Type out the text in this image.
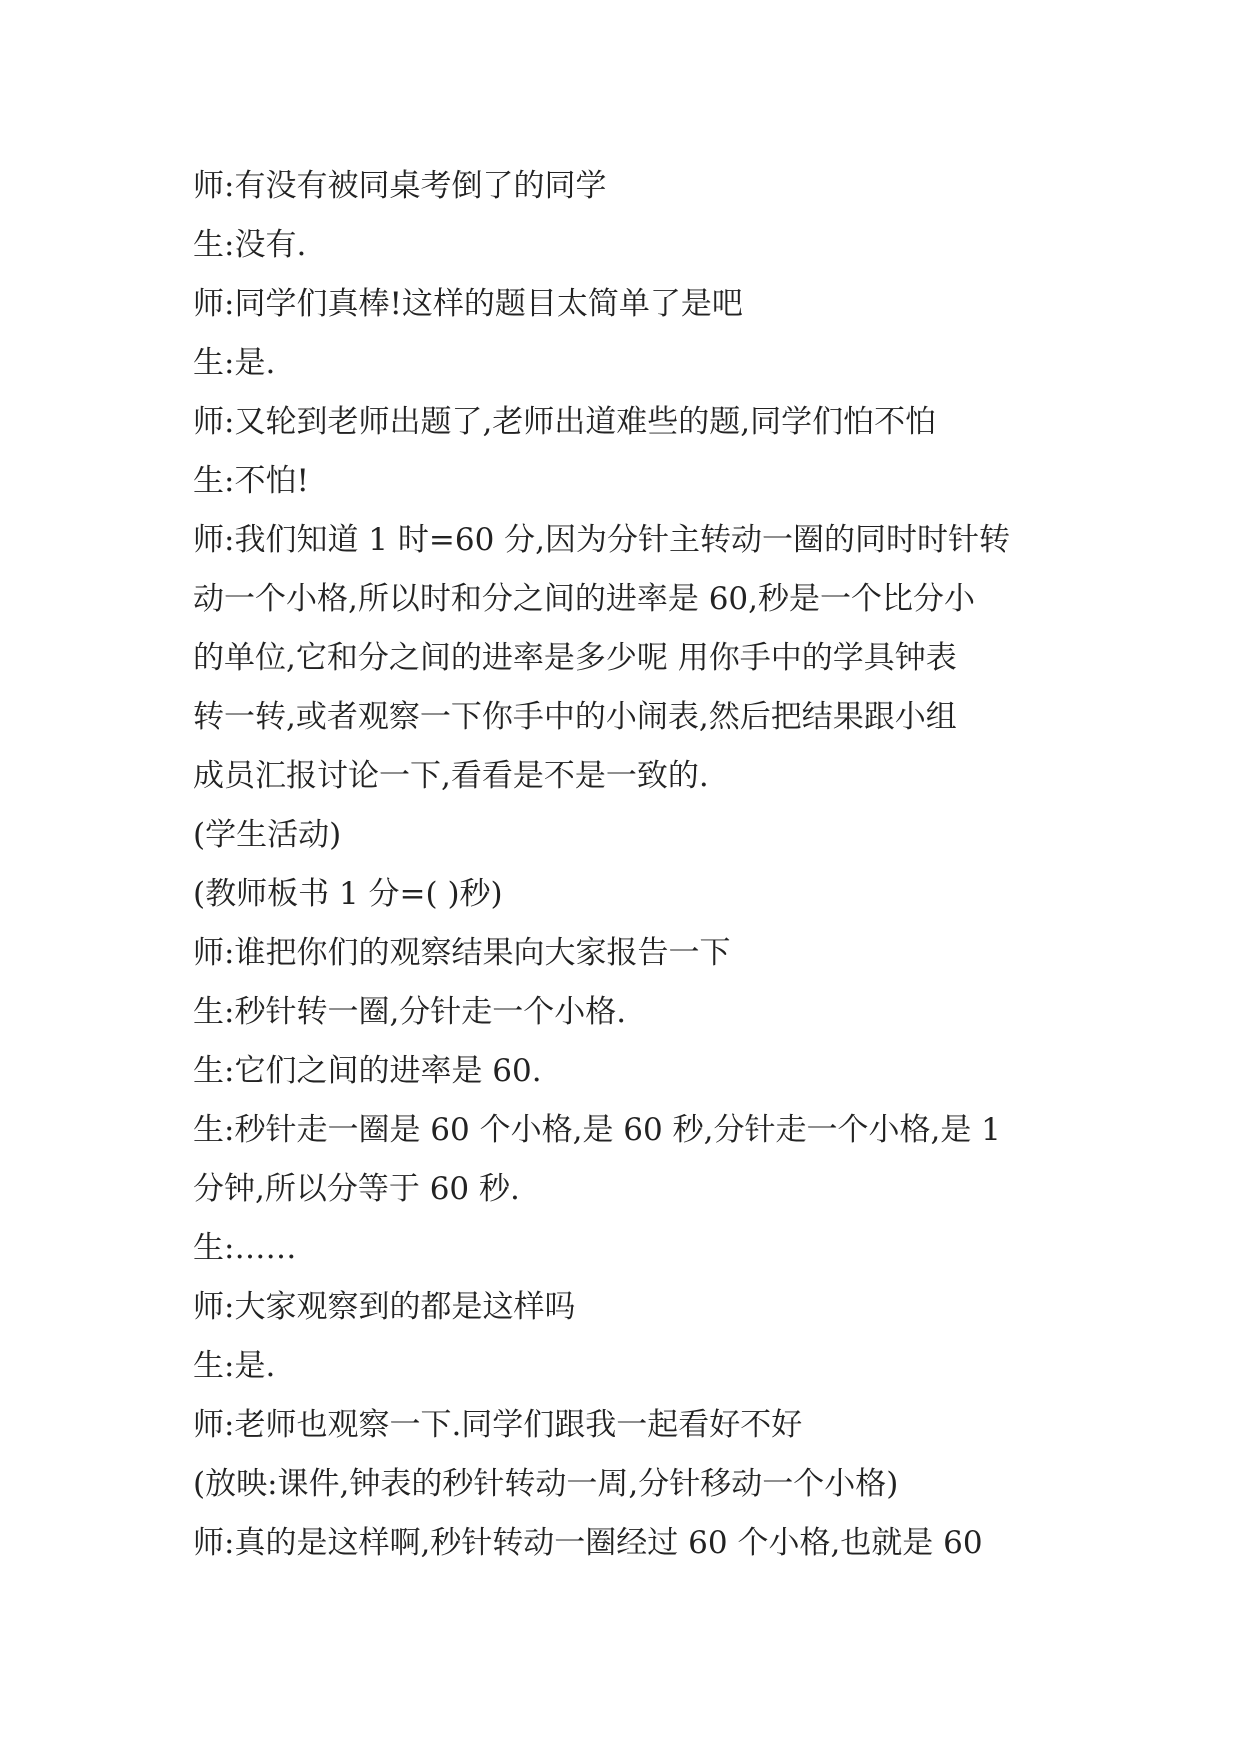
师:有没有被同桌考倒了的同学
生:没有.
师:同学们真棒!这样的题目太简单了是吧
生:是.
师:又轮到老师出题了,老师出道难些的题,同学们怕不怕
生:不怕!
师:我们知道 1 时=60 分,因为分针主转动一圈的同时时针转
动一个小格,所以时和分之间的进率是 60,秒是一个比分小
的单位,它和分之间的进率是多少呢 用你手中的学具钟表
转一转,或者观察一下你手中的小闹表,然后把结果跟小组
成员汇报讨论一下,看看是不是一致的.
(学生活动)
(教师板书 1 分=( )秒)
师:谁把你们的观察结果向大家报告一下
生:秒针转一圈,分针走一个小格.
生:它们之间的进率是 60.
生:秒针走一圈是 60 个小格,是 60 秒,分针走一个小格,是 1
分钟,所以分等于 60 秒.
生:……
师:大家观察到的都是这样吗
生:是.
师:老师也观察一下.同学们跟我一起看好不好
(放映:课件,钟表的秒针转动一周,分针移动一个小格)
师:真的是这样啊,秒针转动一圈经过 60 个小格,也就是 60
